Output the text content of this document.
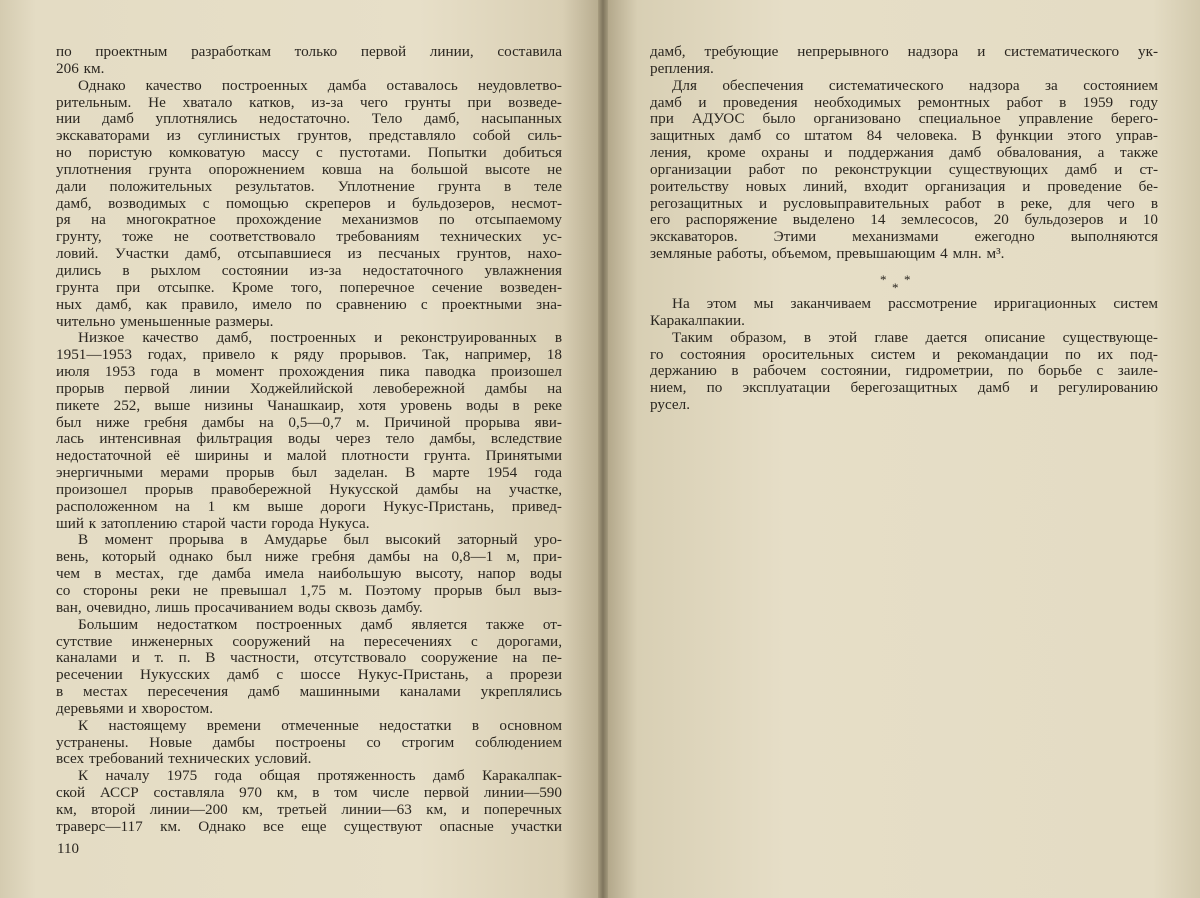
по проектным разработкам только первой линии, составила
206 км.
Однако качество построенных дамба оставалось неудовлетво-
рительным. Не хватало катков, из-за чего грунты при возведе-
нии дамб уплотнялись недостаточно. Тело дамб, насыпанных
экскаваторами из суглинистых грунтов, представляло собой силь-
но пористую комковатую массу с пустотами. Попытки добиться
уплотнения грунта опорожнением ковша на большой высоте не
дали положительных результатов. Уплотнение грунта в теле
дамб, возводимых с помощью скреперов и бульдозеров, несмот-
ря на многократное прохождение механизмов по отсыпаемому
грунту, тоже не соответствовало требованиям технических ус-
ловий. Участки дамб, отсыпавшиеся из песчаных грунтов, нахо-
дились в рыхлом состоянии из-за недостаточного увлажнения
грунта при отсыпке. Кроме того, поперечное сечение возведен-
ных дамб, как правило, имело по сравнению с проектными зна-
чительно уменьшенные размеры.
Низкое качество дамб, построенных и реконструированных в
1951—1953 годах, привело к ряду прорывов. Так, например, 18
июля 1953 года в момент прохождения пика паводка произошел
прорыв первой линии Ходжейлийской левобережной дамбы на
пикете 252, выше низины Чанашкаир, хотя уровень воды в реке
был ниже гребня дамбы на 0,5—0,7 м. Причиной прорыва яви-
лась интенсивная фильтрация воды через тело дамбы, вследствие
недостаточной её ширины и малой плотности грунта. Принятыми
энергичными мерами прорыв был заделан. В марте 1954 года
произошел прорыв правобережной Нукусской дамбы на участке,
расположенном на 1 км выше дороги Нукус-Пристань, привед-
ший к затоплению старой части города Нукуса.
В момент прорыва в Амударье был высокий заторный уро-
вень, который однако был ниже гребня дамбы на 0,8—1 м, при-
чем в местах, где дамба имела наибольшую высоту, напор воды
со стороны реки не превышал 1,75 м. Поэтому прорыв был выз-
ван, очевидно, лишь просачиванием воды сквозь дамбу.
Большим недостатком построенных дамб является также от-
сутствие инженерных сооружений на пересечениях с дорогами,
каналами и т. п. В частности, отсутствовало сооружение на пе-
ресечении Нукусских дамб с шоссе Нукус-Пристань, а прорези
в местах пересечения дамб машинными каналами укреплялись
деревьями и хворостом.
К настоящему времени отмеченные недостатки в основном
устранены. Новые дамбы построены со строгим соблюдением
всех требований технических условий.
К началу 1975 года общая протяженность дамб Каракалпак-
ской АССР составляла 970 км, в том числе первой линии—590
км, второй линии—200 км, третьей линии—63 км, и поперечных
траверс—117 км. Однако все еще существуют опасные участки
110
дамб, требующие непрерывного надзора и систематического ук-
репления.
Для обеспечения систематического надзора за состоянием
дамб и проведения необходимых ремонтных работ в 1959 году
при АДУОС было организовано специальное управление берего-
защитных дамб со штатом 84 человека. В функции этого управ-
ления, кроме охраны и поддержания дамб обвалования, а также
организации работ по реконструкции существующих дамб и ст-
роительству новых линий, входит организация и проведение бе-
регозащитных и русловыправительных работ в реке, для чего в
его распоряжение выделено 14 землесосов, 20 бульдозеров и 10
экскаваторов. Этими механизмами ежегодно выполняются
земляные работы, объемом, превышающим 4 млн. м³.
* *
*
На этом мы заканчиваем рассмотрение ирригационных систем
Каракалпакии.
Таким образом, в этой главе дается описание существующе-
го состояния оросительных систем и рекомандации по их под-
держанию в рабочем состоянии, гидрометрии, по борьбе с заиле-
нием, по эксплуатации берегозащитных дамб и регулированию
русел.
